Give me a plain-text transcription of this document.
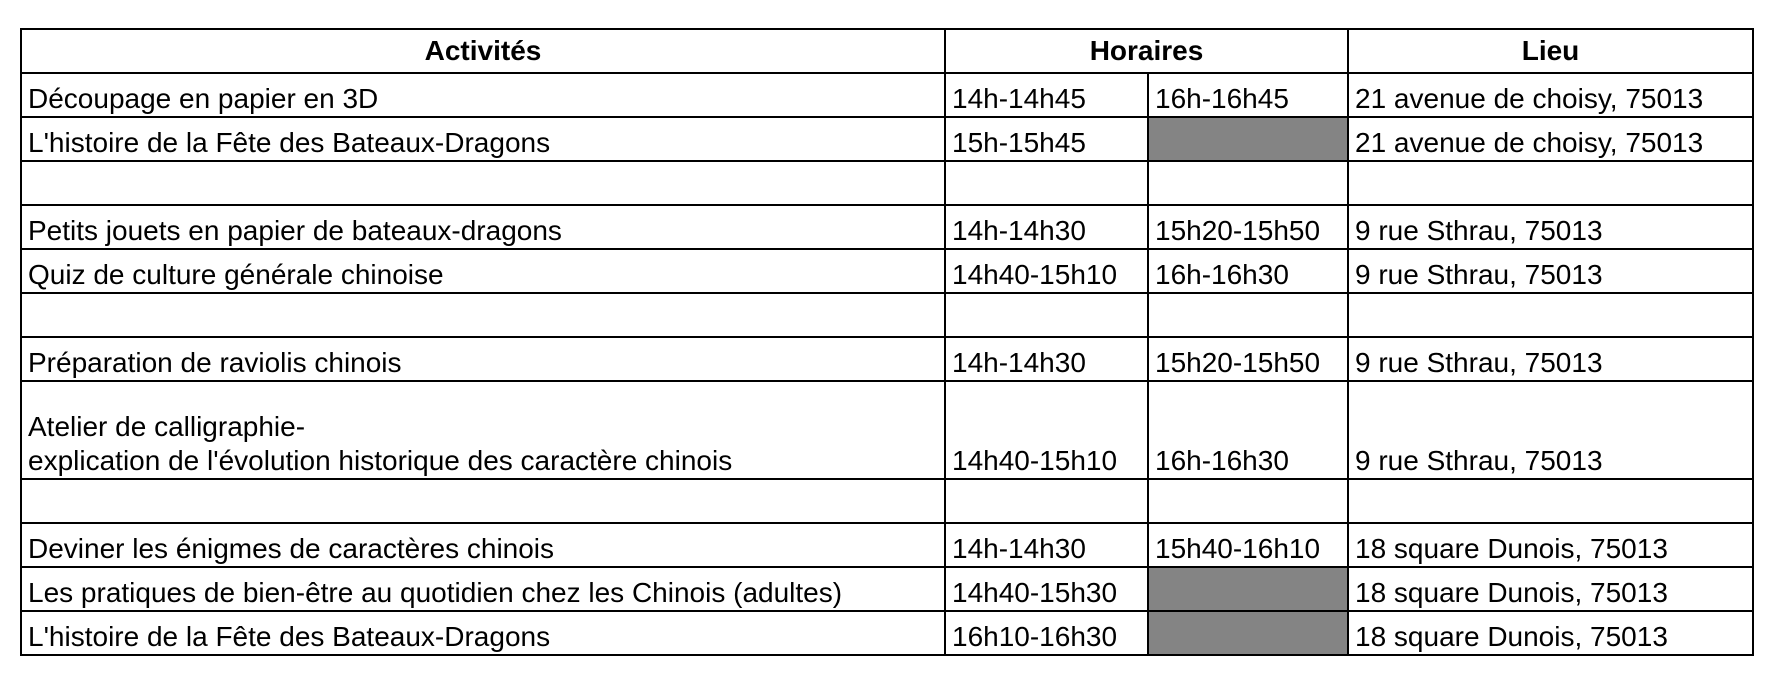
Activités	Horaires		Lieu
Découpage en papier en 3D	14h-14h45	16h-16h45	21 avenue de choisy, 75013
L'histoire de la Fête des Bateaux-Dragons	15h-15h45		21 avenue de choisy, 75013

Petits jouets en papier de bateaux-dragons	14h-14h30	15h20-15h50	9 rue Sthrau, 75013
Quiz de culture générale chinoise	14h40-15h10	16h-16h30	9 rue Sthrau, 75013

Préparation de raviolis chinois	14h-14h30	15h20-15h50	9 rue Sthrau, 75013

Atelier de calligraphie-
explication de l'évolution historique des caractère chinois	14h40-15h10	16h-16h30	9 rue Sthrau, 75013

Deviner les énigmes de caractères chinois	14h-14h30	15h40-16h10	18 square Dunois, 75013
Les pratiques de bien-être au quotidien chez les Chinois (adultes)	14h40-15h30		18 square Dunois, 75013
L'histoire de la Fête des Bateaux-Dragons	16h10-16h30		18 square Dunois, 75013
